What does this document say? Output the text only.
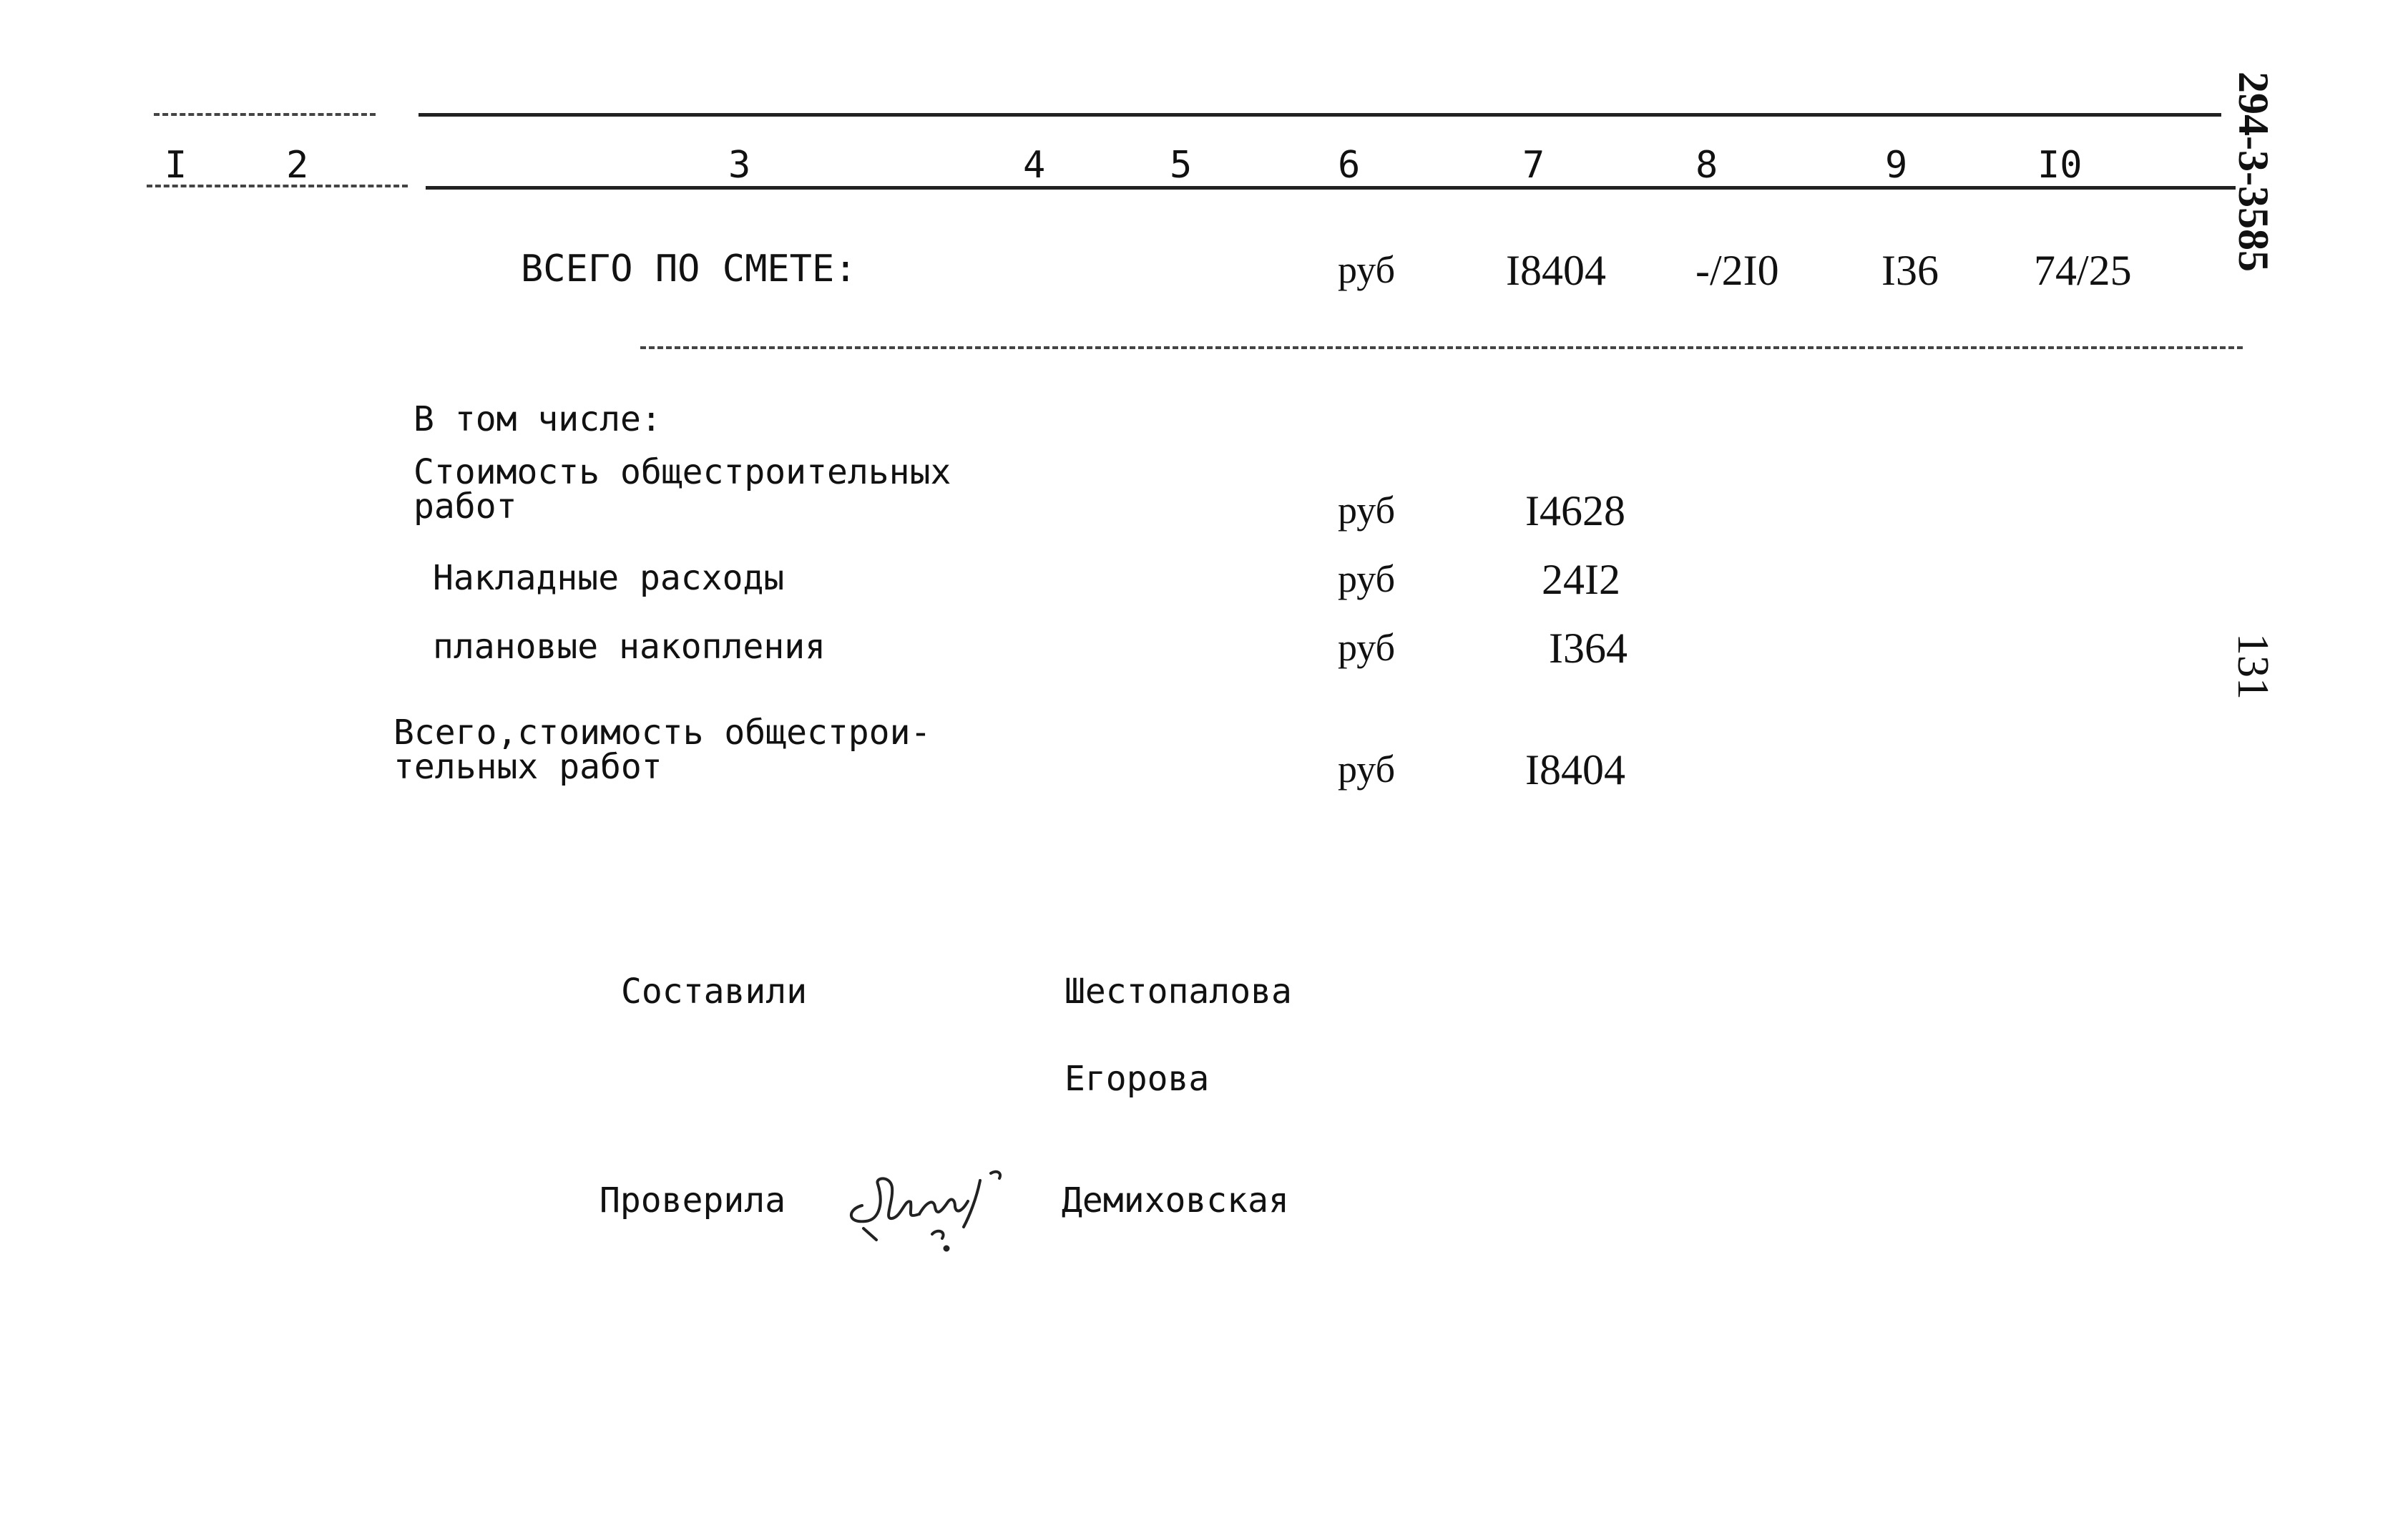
I	2	3	4	5	6	7	8	9	I0
ВСЕГО ПО СМЕТЕ:	руб	I8404 -/2I0 I36 74/25
В том числе:
Стоимость общестроительных
работ	руб	I4628
Накладные расходы	руб	24I2
плановые накопления	руб	I364
Всего,стоимость общестрои-
тельных работ	руб	I8404
Составили	Шестопалова
Егорова
Проверила	Демиховская
294-3-3585
131
